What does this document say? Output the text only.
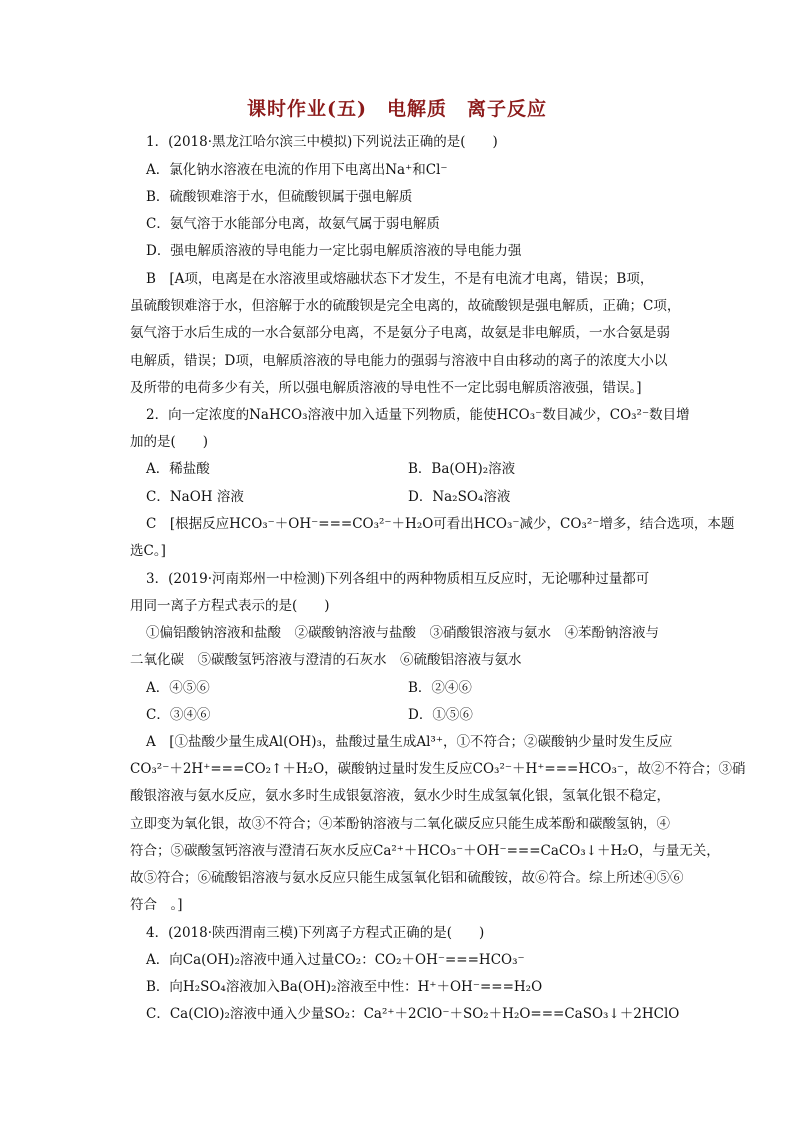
课时作业(五)　电解质　离子反应
1．(2018·黑龙江哈尔滨三中模拟)下列说法正确的是(　　)
A．氯化钠水溶液在电流的作用下电离出Na⁺和Cl⁻
B．硫酸钡难溶于水，但硫酸钡属于强电解质
C．氨气溶于水能部分电离，故氨气属于弱电解质
D．强电解质溶液的导电能力一定比弱电解质溶液的导电能力强
B　[A项，电离是在水溶液里或熔融状态下才发生，不是有电流才电离，错误；B项，
虽硫酸钡难溶于水，但溶解于水的硫酸钡是完全电离的，故硫酸钡是强电解质，正确；C项，
氨气溶于水后生成的一水合氨部分电离，不是氨分子电离，故氨是非电解质，一水合氨是弱
电解质，错误；D项，电解质溶液的导电能力的强弱与溶液中自由移动的离子的浓度大小以
及所带的电荷多少有关，所以强电解质溶液的导电性不一定比弱电解质溶液强，错误。]
2．向一定浓度的NaHCO₃溶液中加入适量下列物质，能使HCO₃⁻数目减少，CO₃²⁻数目增
加的是(　　)
A．稀盐酸	B．Ba(OH)₂溶液
C．NaOH 溶液	D．Na₂SO₄溶液
C　[根据反应HCO₃⁻＋OH⁻===CO₃²⁻＋H₂O可看出HCO₃⁻减少，CO₃²⁻增多，结合选项，本题
选C。]
3．(2019·河南郑州一中检测)下列各组中的两种物质相互反应时，无论哪种过量都可
用同一离子方程式表示的是(　　)
①偏铝酸钠溶液和盐酸　②碳酸钠溶液与盐酸　③硝酸银溶液与氨水　④苯酚钠溶液与
二氧化碳　⑤碳酸氢钙溶液与澄清的石灰水　⑥硫酸铝溶液与氨水
A．④⑤⑥	B．②④⑥
C．③④⑥	D．①⑤⑥
A　[①盐酸少量生成Al(OH)₃，盐酸过量生成Al³⁺，①不符合；②碳酸钠少量时发生反应
CO₃²⁻＋2H⁺===CO₂↑＋H₂O，碳酸钠过量时发生反应CO₃²⁻＋H⁺===HCO₃⁻，故②不符合；③硝
酸银溶液与氨水反应，氨水多时生成银氨溶液，氨水少时生成氢氧化银，氢氧化银不稳定，
立即变为氧化银，故③不符合；④苯酚钠溶液与二氧化碳反应只能生成苯酚和碳酸氢钠，④
符合；⑤碳酸氢钙溶液与澄清石灰水反应Ca²⁺＋HCO₃⁻＋OH⁻===CaCO₃↓＋H₂O，与量无关，
故⑤符合；⑥硫酸铝溶液与氨水反应只能生成氢氧化铝和硫酸铵，故⑥符合。综上所述④⑤⑥
符合　。]
4．(2018·陕西渭南三模)下列离子方程式正确的是(　　)
A．向Ca(OH)₂溶液中通入过量CO₂：CO₂＋OH⁻===HCO₃⁻
B．向H₂SO₄溶液加入Ba(OH)₂溶液至中性：H⁺＋OH⁻===H₂O
C．Ca(ClO)₂溶液中通入少量SO₂：Ca²⁺＋2ClO⁻＋SO₂＋H₂O===CaSO₃↓＋2HClO
